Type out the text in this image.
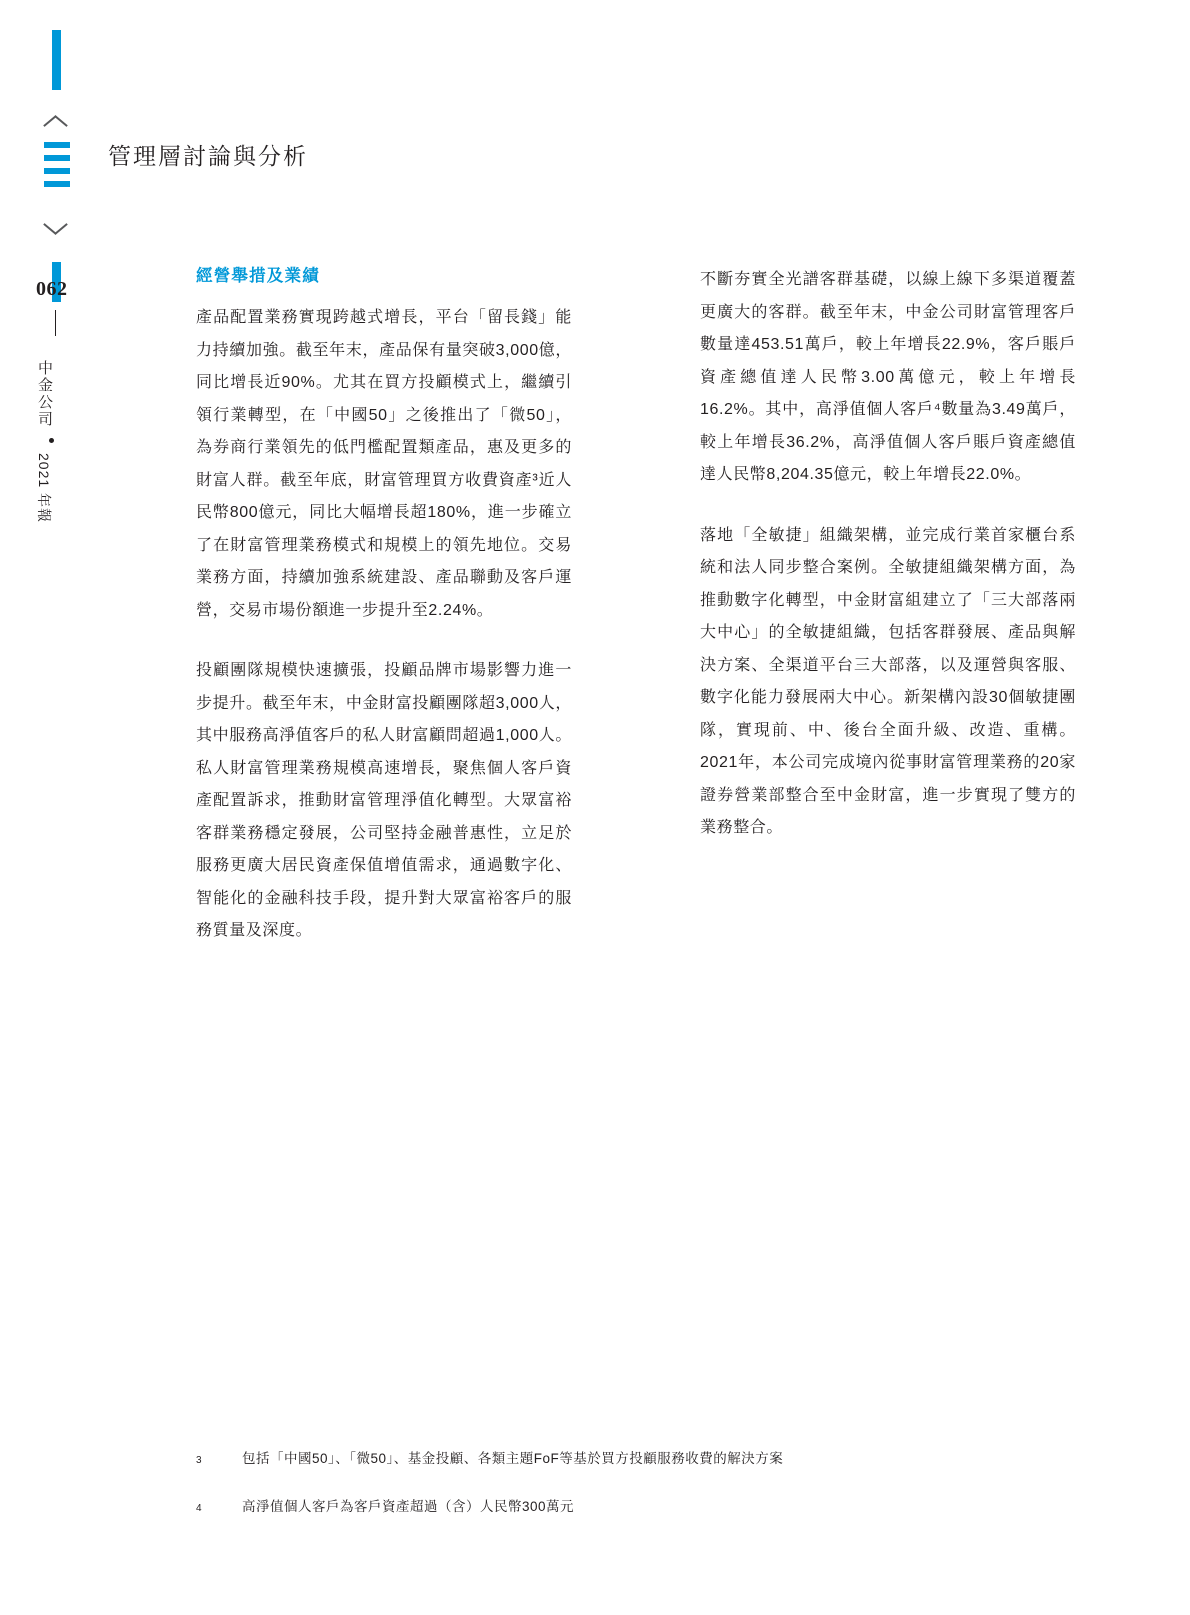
062
中金公司
2021 年報
管理層討論與分析
經營舉措及業績

產品配置業務實現跨越式增長，平台「留長錢」能力持續加強。截至年末，產品保有量突破3,000億，同比增長近90%。尤其在買方投顧模式上，繼續引領行業轉型，在「中國50」之後推出了「微50」，為券商行業領先的低門檻配置類產品，惠及更多的財富人群。截至年底，財富管理買方收費資產³近人民幣800億元，同比大幅增長超180%，進一步確立了在財富管理業務模式和規模上的領先地位。交易業務方面，持續加強系統建設、產品聯動及客戶運營，交易市場份額進一步提升至2.24%。

投顧團隊規模快速擴張，投顧品牌市場影響力進一步提升。截至年末，中金財富投顧團隊超3,000人，其中服務高淨值客戶的私人財富顧問超過1,000人。私人財富管理業務規模高速增長，聚焦個人客戶資產配置訴求，推動財富管理淨值化轉型。大眾富裕客群業務穩定發展，公司堅持金融普惠性，立足於服務更廣大居民資產保值增值需求，通過數字化、智能化的金融科技手段，提升對大眾富裕客戶的服務質量及深度。

不斷夯實全光譜客群基礎，以線上線下多渠道覆蓋更廣大的客群。截至年末，中金公司財富管理客戶數量達453.51萬戶，較上年增長22.9%，客戶賬戶資產總值達人民幣3.00萬億元，較上年增長16.2%。其中，高淨值個人客戶⁴數量為3.49萬戶，較上年增長36.2%，高淨值個人客戶賬戶資產總值達人民幣8,204.35億元，較上年增長22.0%。

落地「全敏捷」組織架構，並完成行業首家櫃台系統和法人同步整合案例。全敏捷組織架構方面，為推動數字化轉型，中金財富組建立了「三大部落兩大中心」的全敏捷組織，包括客群發展、產品與解決方案、全渠道平台三大部落，以及運營與客服、數字化能力發展兩大中心。新架構內設30個敏捷團隊，實現前、中、後台全面升級、改造、重構。2021年，本公司完成境內從事財富管理業務的20家證券營業部整合至中金財富，進一步實現了雙方的業務整合。

3	包括「中國50」、「微50」、基金投顧、各類主題FoF等基於買方投顧服務收費的解決方案
4	高淨值個人客戶為客戶資產超過（含）人民幣300萬元
